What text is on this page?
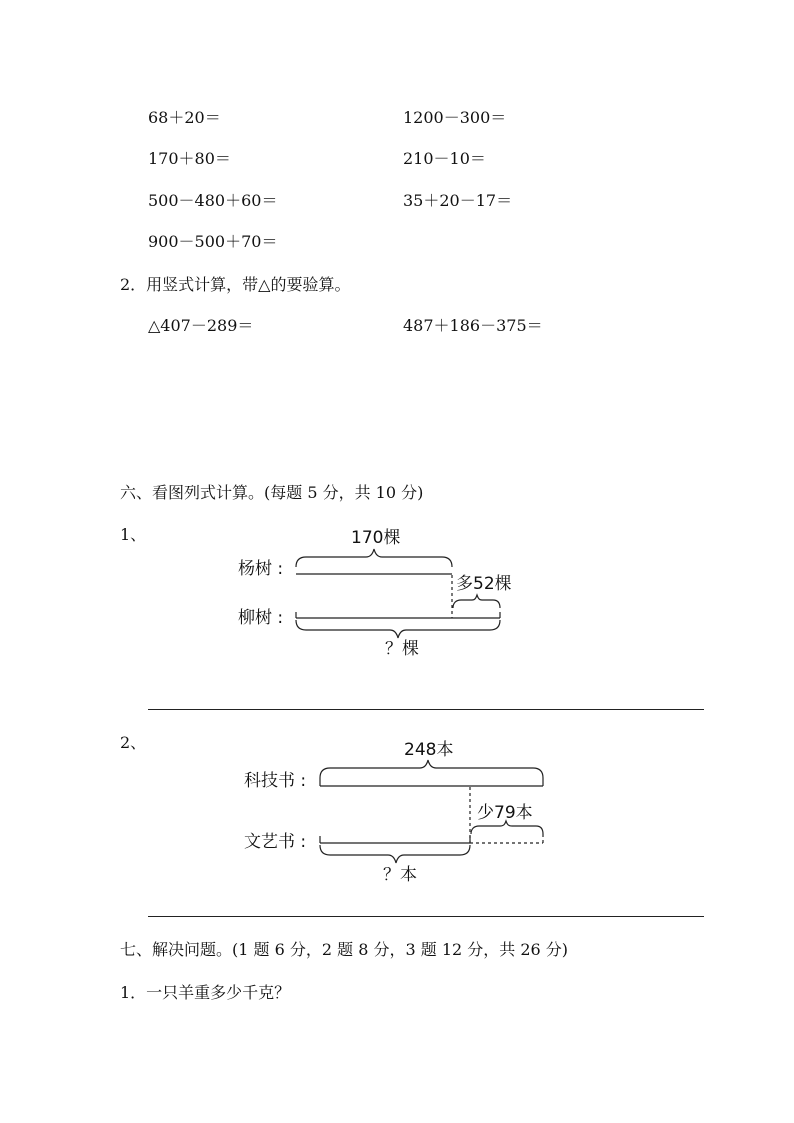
68＋20＝	1200－300＝
170＋80＝	210－10＝
500－480＋60＝	35＋20－17＝
900－500＋70＝
2．用竖式计算，带△的要验算。
△407－289＝	487＋186－375＝
六、看图列式计算。(每题 5 分，共 10 分)
1、	170棵
杨树 :
多52棵
柳树 :
？棵
2、	248本
科技书 :
少79本
文艺书 :
？本
七、解决问题。(1 题 6 分，2 题 8 分，3 题 12 分，共 26 分)
1．一只羊重多少千克？
